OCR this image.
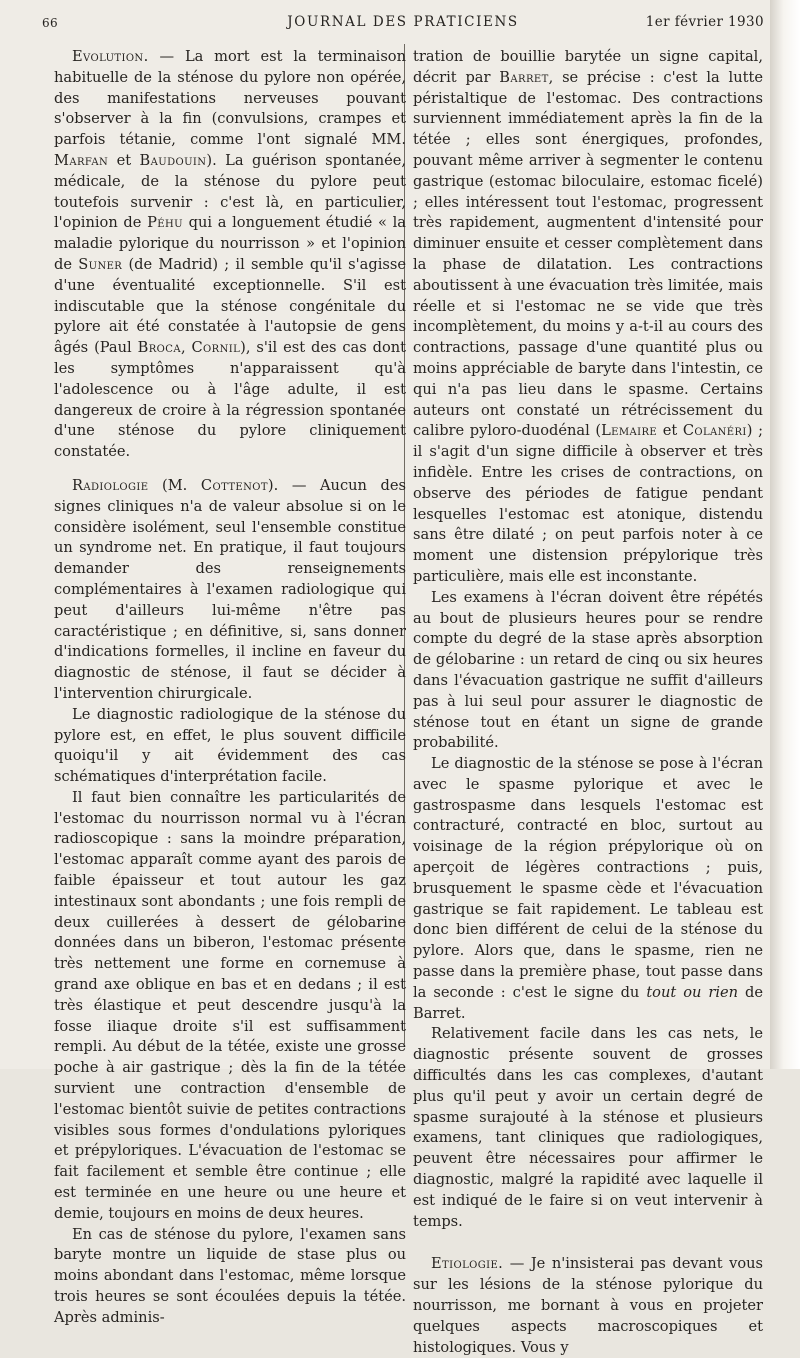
66	JOURNAL DES PRATICIENS	1er février 1930

Evolution. — La mort est la terminaison habituelle de la sténose du pylore non opérée, des manifestations nerveuses pouvant s'observer à la fin (convulsions, crampes et parfois tétanie, comme l'ont signalé MM. Marfan et Baudouin). La guérison spontanée, médicale, de la sténose du pylore peut toutefois survenir : c'est là, en particulier, l'opinion de Péhu qui a longuement étudié « la maladie pylorique du nourrisson » et l'opinion de Suner (de Madrid) ; il semble qu'il s'agisse d'une éventualité exceptionnelle. S'il est indiscutable que la sténose congénitale du pylore ait été constatée à l'autopsie de gens âgés (Paul Broca, Cornil), s'il est des cas dont les symptômes n'apparaissent qu'à l'adolescence ou à l'âge adulte, il est dangereux de croire à la régression spontanée d'une sténose du pylore cliniquement constatée.

Radiologie (M. Cottenot). — Aucun des signes cliniques n'a de valeur absolue si on le considère isolément, seul l'ensemble constitue un syndrome net. En pratique, il faut toujours demander des renseignements complémentaires à l'examen radiologique qui peut d'ailleurs lui-même n'être pas caractéristique ; en définitive, si, sans donner d'indications formelles, il incline en faveur du diagnostic de sténose, il faut se décider à l'intervention chirurgicale.

Le diagnostic radiologique de la sténose du pylore est, en effet, le plus souvent difficile quoiqu'il y ait évidemment des cas schématiques d'interprétation facile.

Il faut bien connaître les particularités de l'estomac du nourrisson normal vu à l'écran radioscopique : sans la moindre préparation, l'estomac apparaît comme ayant des parois de faible épaisseur et tout autour les gaz intestinaux sont abondants ; une fois rempli de deux cuillerées à dessert de gélobarine données dans un biberon, l'estomac présente très nettement une forme en cornemuse à grand axe oblique en bas et en dedans ; il est très élastique et peut descendre jusqu'à la fosse iliaque droite s'il est suffisamment rempli. Au début de la tétée, existe une grosse poche à air gastrique ; dès la fin de la tétée survient une contraction d'ensemble de l'estomac bientôt suivie de petites contractions visibles sous formes d'ondulations pyloriques et prépyloriques. L'évacuation de l'estomac se fait facilement et semble être continue ; elle est terminée en une heure ou une heure et demie, toujours en moins de deux heures.

En cas de sténose du pylore, l'examen sans baryte montre un liquide de stase plus ou moins abondant dans l'estomac, même lorsque trois heures se sont écoulées depuis la tétée. Après adminis-

tration de bouillie barytée un signe capital, décrit par Barret, se précise : c'est la lutte péristaltique de l'estomac. Des contractions surviennent immédiatement après la fin de la tétée ; elles sont énergiques, profondes, pouvant même arriver à segmenter le contenu gastrique (estomac biloculaire, estomac ficelé) ; elles intéressent tout l'estomac, progressent très rapidement, augmentent d'intensité pour diminuer ensuite et cesser complètement dans la phase de dilatation. Les contractions aboutissent à une évacuation très limitée, mais réelle et si l'estomac ne se vide que très incomplètement, du moins y a-t-il au cours des contractions, passage d'une quantité plus ou moins appréciable de baryte dans l'intestin, ce qui n'a pas lieu dans le spasme. Certains auteurs ont constaté un rétrécissement du calibre pyloro-duodénal (Lemaire et Colanéri) ; il s'agit d'un signe difficile à observer et très infidèle. Entre les crises de contractions, on observe des périodes de fatigue pendant lesquelles l'estomac est atonique, distendu sans être dilaté ; on peut parfois noter à ce moment une distension prépylorique très particulière, mais elle est inconstante.

Les examens à l'écran doivent être répétés au bout de plusieurs heures pour se rendre compte du degré de la stase après absorption de gélobarine : un retard de cinq ou six heures dans l'évacuation gastrique ne suffit d'ailleurs pas à lui seul pour assurer le diagnostic de sténose tout en étant un signe de grande probabilité.

Le diagnostic de la sténose se pose à l'écran avec le spasme pylorique et avec le gastrospasme dans lesquels l'estomac est contracturé, contracté en bloc, surtout au voisinage de la région prépylorique où on aperçoit de légères contractions ; puis, brusquement le spasme cède et l'évacuation gastrique se fait rapidement. Le tableau est donc bien différent de celui de la sténose du pylore. Alors que, dans le spasme, rien ne passe dans la première phase, tout passe dans la seconde : c'est le signe du tout ou rien de Barret.

Relativement facile dans les cas nets, le diagnostic présente souvent de grosses difficultés dans les cas complexes, d'autant plus qu'il peut y avoir un certain degré de spasme surajouté à la sténose et plusieurs examens, tant cliniques que radiologiques, peuvent être nécessaires pour affirmer le diagnostic, malgré la rapidité avec laquelle il est indiqué de le faire si on veut intervenir à temps.

Etiologie. — Je n'insisterai pas devant vous sur les lésions de la sténose pylorique du nourrisson, me bornant à vous en projeter quelques aspects macroscopiques et histologiques. Vous y
